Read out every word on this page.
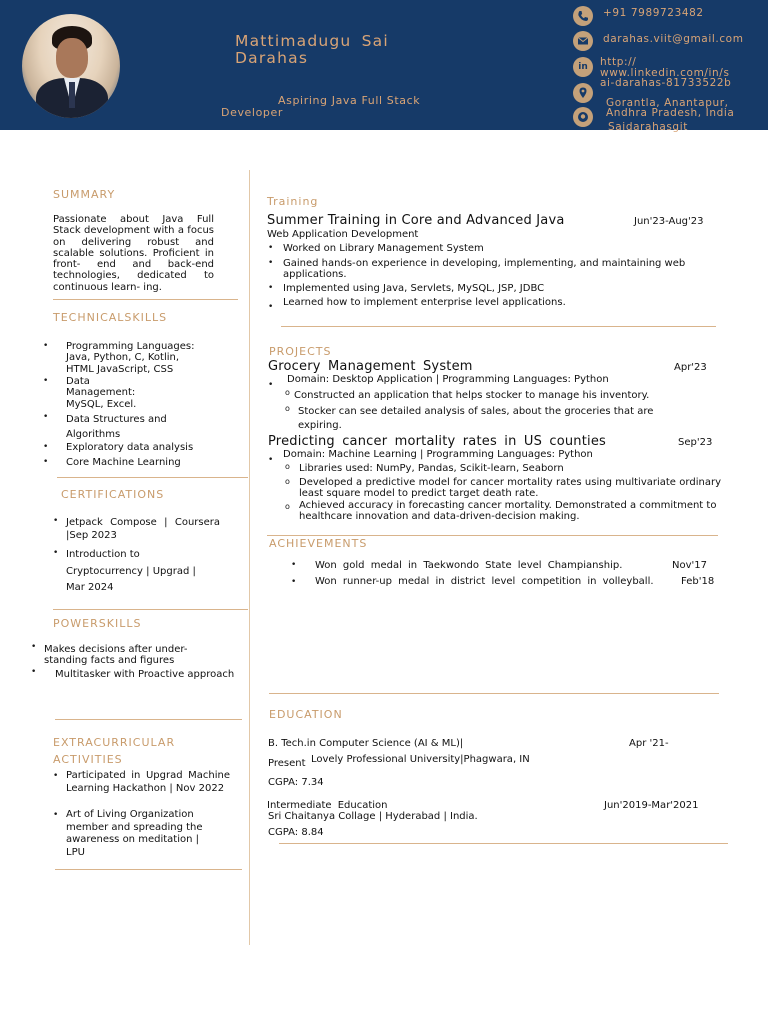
Mattimadugu Sai Darahas
Aspiring Java Full Stack
Developer
+91 7989723482
darahas.viit@gmail.com
in	http://
www.linkedin.com/in/s
ai-darahas-81733522b
Gorantla, Anantapur,
Andhra Pradesh, India
Saidarahasgit
SUMMARY
Passionate about Java Full Stack development with a focus on delivering robust and scalable solutions. Proficient in front- end and back-end technologies, dedicated to continuous learn- ing.
TECHNICALSKILLS
• Programming Languages: Java, Python, C, Kotlin, HTML JavaScript, CSS
• Data Management: MySQL, Excel.
• Data Structures and Algorithms
• Exploratory data analysis
• Core Machine Learning
CERTIFICATIONS
• Jetpack Compose | Coursera |Sep 2023
• Introduction to Cryptocurrency | Upgrad | Mar 2024
POWERSKILLS
• Makes decisions after under- standing facts and figures
• Multitasker with Proactive approach
EXTRACURRICULAR
ACTIVITIES
• Participated in Upgrad Machine Learning Hackathon | Nov 2022
• Art of Living Organization member and spreading the awareness on meditation | LPU
Training
Summer Training in Core and Advanced Java	Jun'23-Aug'23
Web Application Development
• Worked on Library Management System
• Gained hands-on experience in developing, implementing, and maintaining web applications.
• Implemented using Java, Servlets, MySQL, JSP, JDBC
• Learned how to implement enterprise level applications.
PROJECTS
Grocery Management System	Apr'23
• Domain: Desktop Application | Programming Languages: Python
o Constructed an application that helps stocker to manage his inventory.
o Stocker can see detailed analysis of sales, about the groceries that are expiring.
Predicting cancer mortality rates in US counties	Sep'23
• Domain: Machine Learning | Programming Languages: Python
o Libraries used: NumPy, Pandas, Scikit-learn, Seaborn
o Developed a predictive model for cancer mortality rates using multivariate ordinary least square model to predict target death rate.
o Achieved accuracy in forecasting cancer mortality. Demonstrated a commitment to healthcare innovation and data-driven-decision making.
ACHIEVEMENTS
• Won gold medal in Taekwondo State level Champianship.	Nov'17
• Won runner-up medal in district level competition in volleyball.	Feb'18
EDUCATION
B. Tech.in Computer Science (AI & ML)|	Apr '21-
Present Lovely Professional University|Phagwara, IN
CGPA: 7.34
Intermediate Education	Jun'2019-Mar'2021
Sri Chaitanya Collage | Hyderabad | India.
CGPA: 8.84
